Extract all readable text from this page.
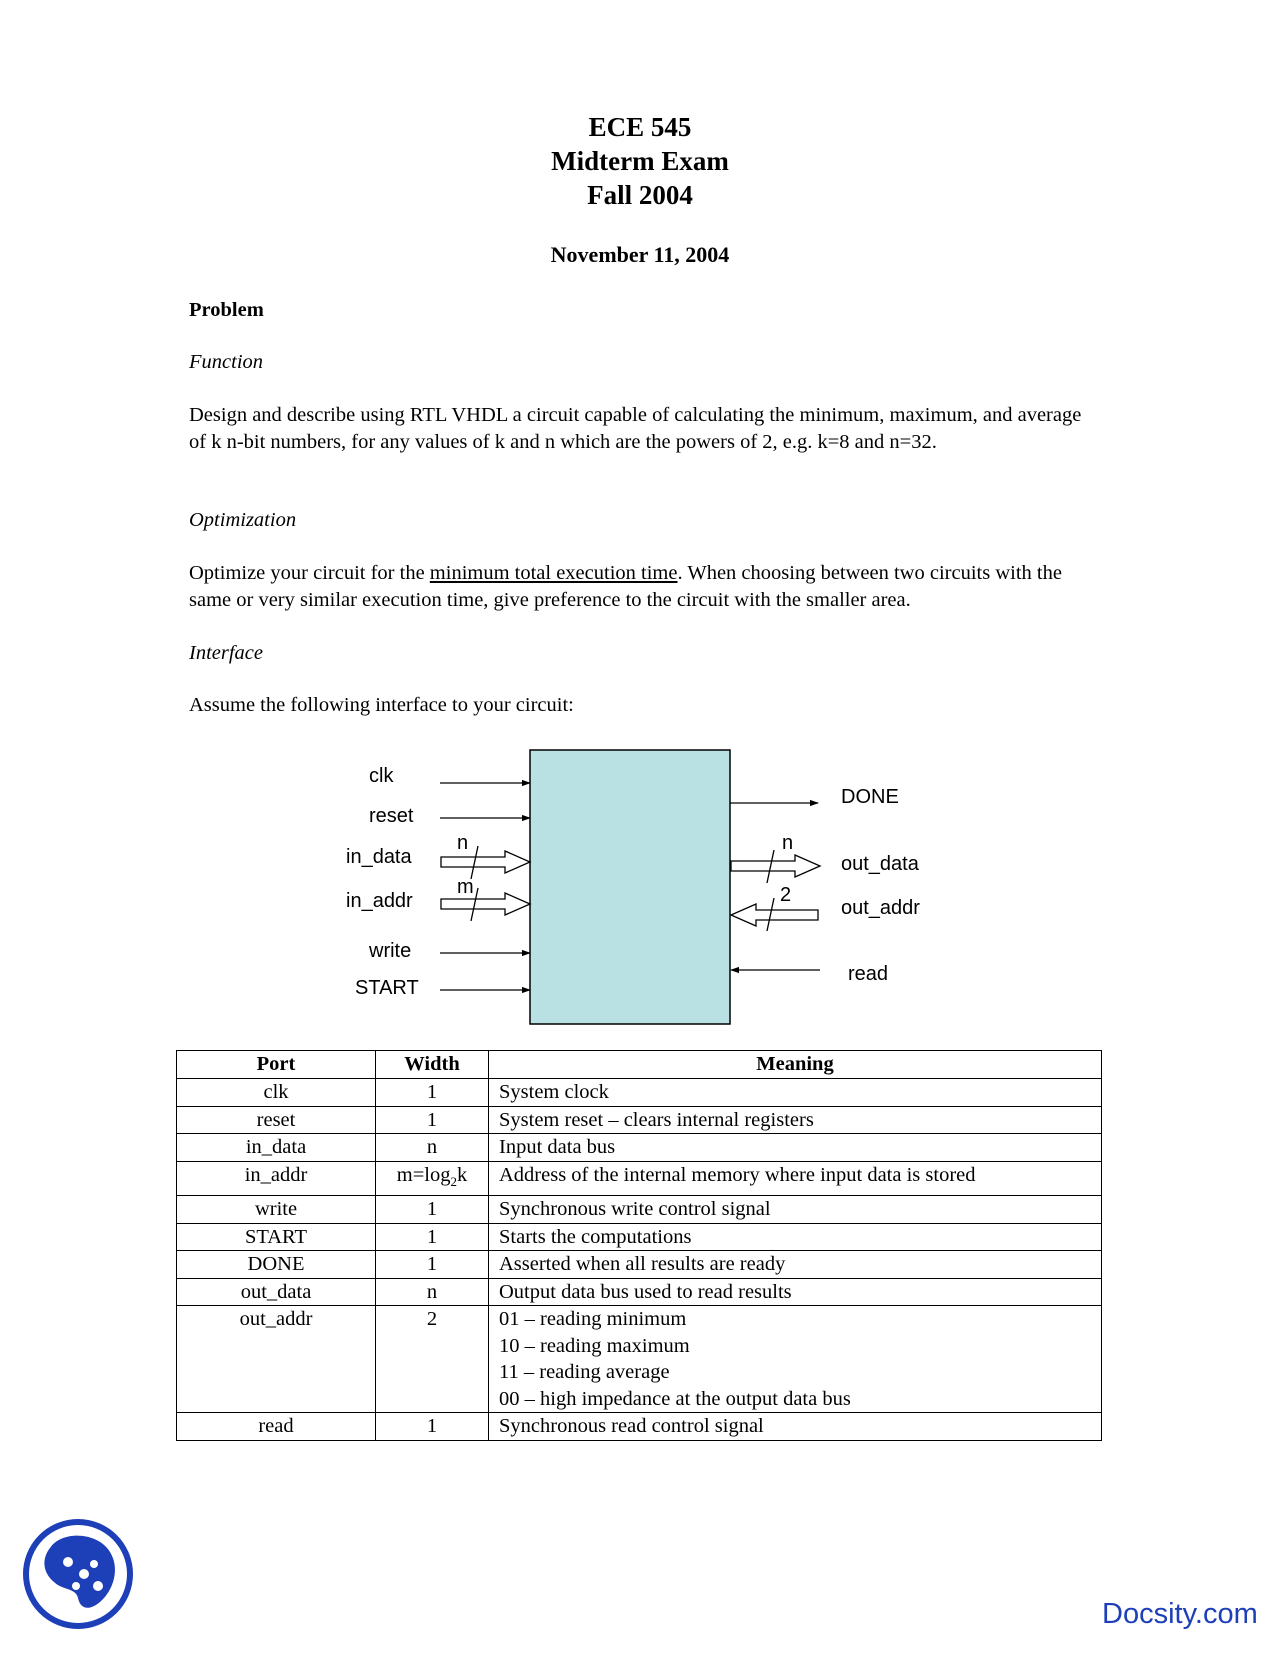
ECE 545
Midterm Exam
Fall 2004
November 11, 2004
Problem
Function
Design and describe using RTL VHDL a circuit capable of calculating the minimum, maximum, and average of k n-bit numbers, for any values of k and n which are the powers of 2, e.g. k=8 and n=32.
Optimization
Optimize your circuit for the minimum total execution time. When choosing between two circuits with the same or very similar execution time, give preference to the circuit with the smaller area.
Interface
Assume the following interface to your circuit:
clk
reset
in_data
in_addr
write
START
n
m
DONE
n
out_data
2
out_addr
read
Port	Width	Meaning
clk	1	System clock
reset	1	System reset – clears internal registers
in_data	n	Input data bus
in_addr	$m=\log_2k$	Address of the internal memory where input data is stored
write	1	Synchronous write control signal
START	1	Starts the computations
DONE	1	Asserted when all results are ready
out_data	n	Output data bus used to read results
out_addr	2	01 – reading minimum
10 – reading maximum
11 – reading average
00 – high impedance at the output data bus

read	1	Synchronous read control signal
Docsity.com
